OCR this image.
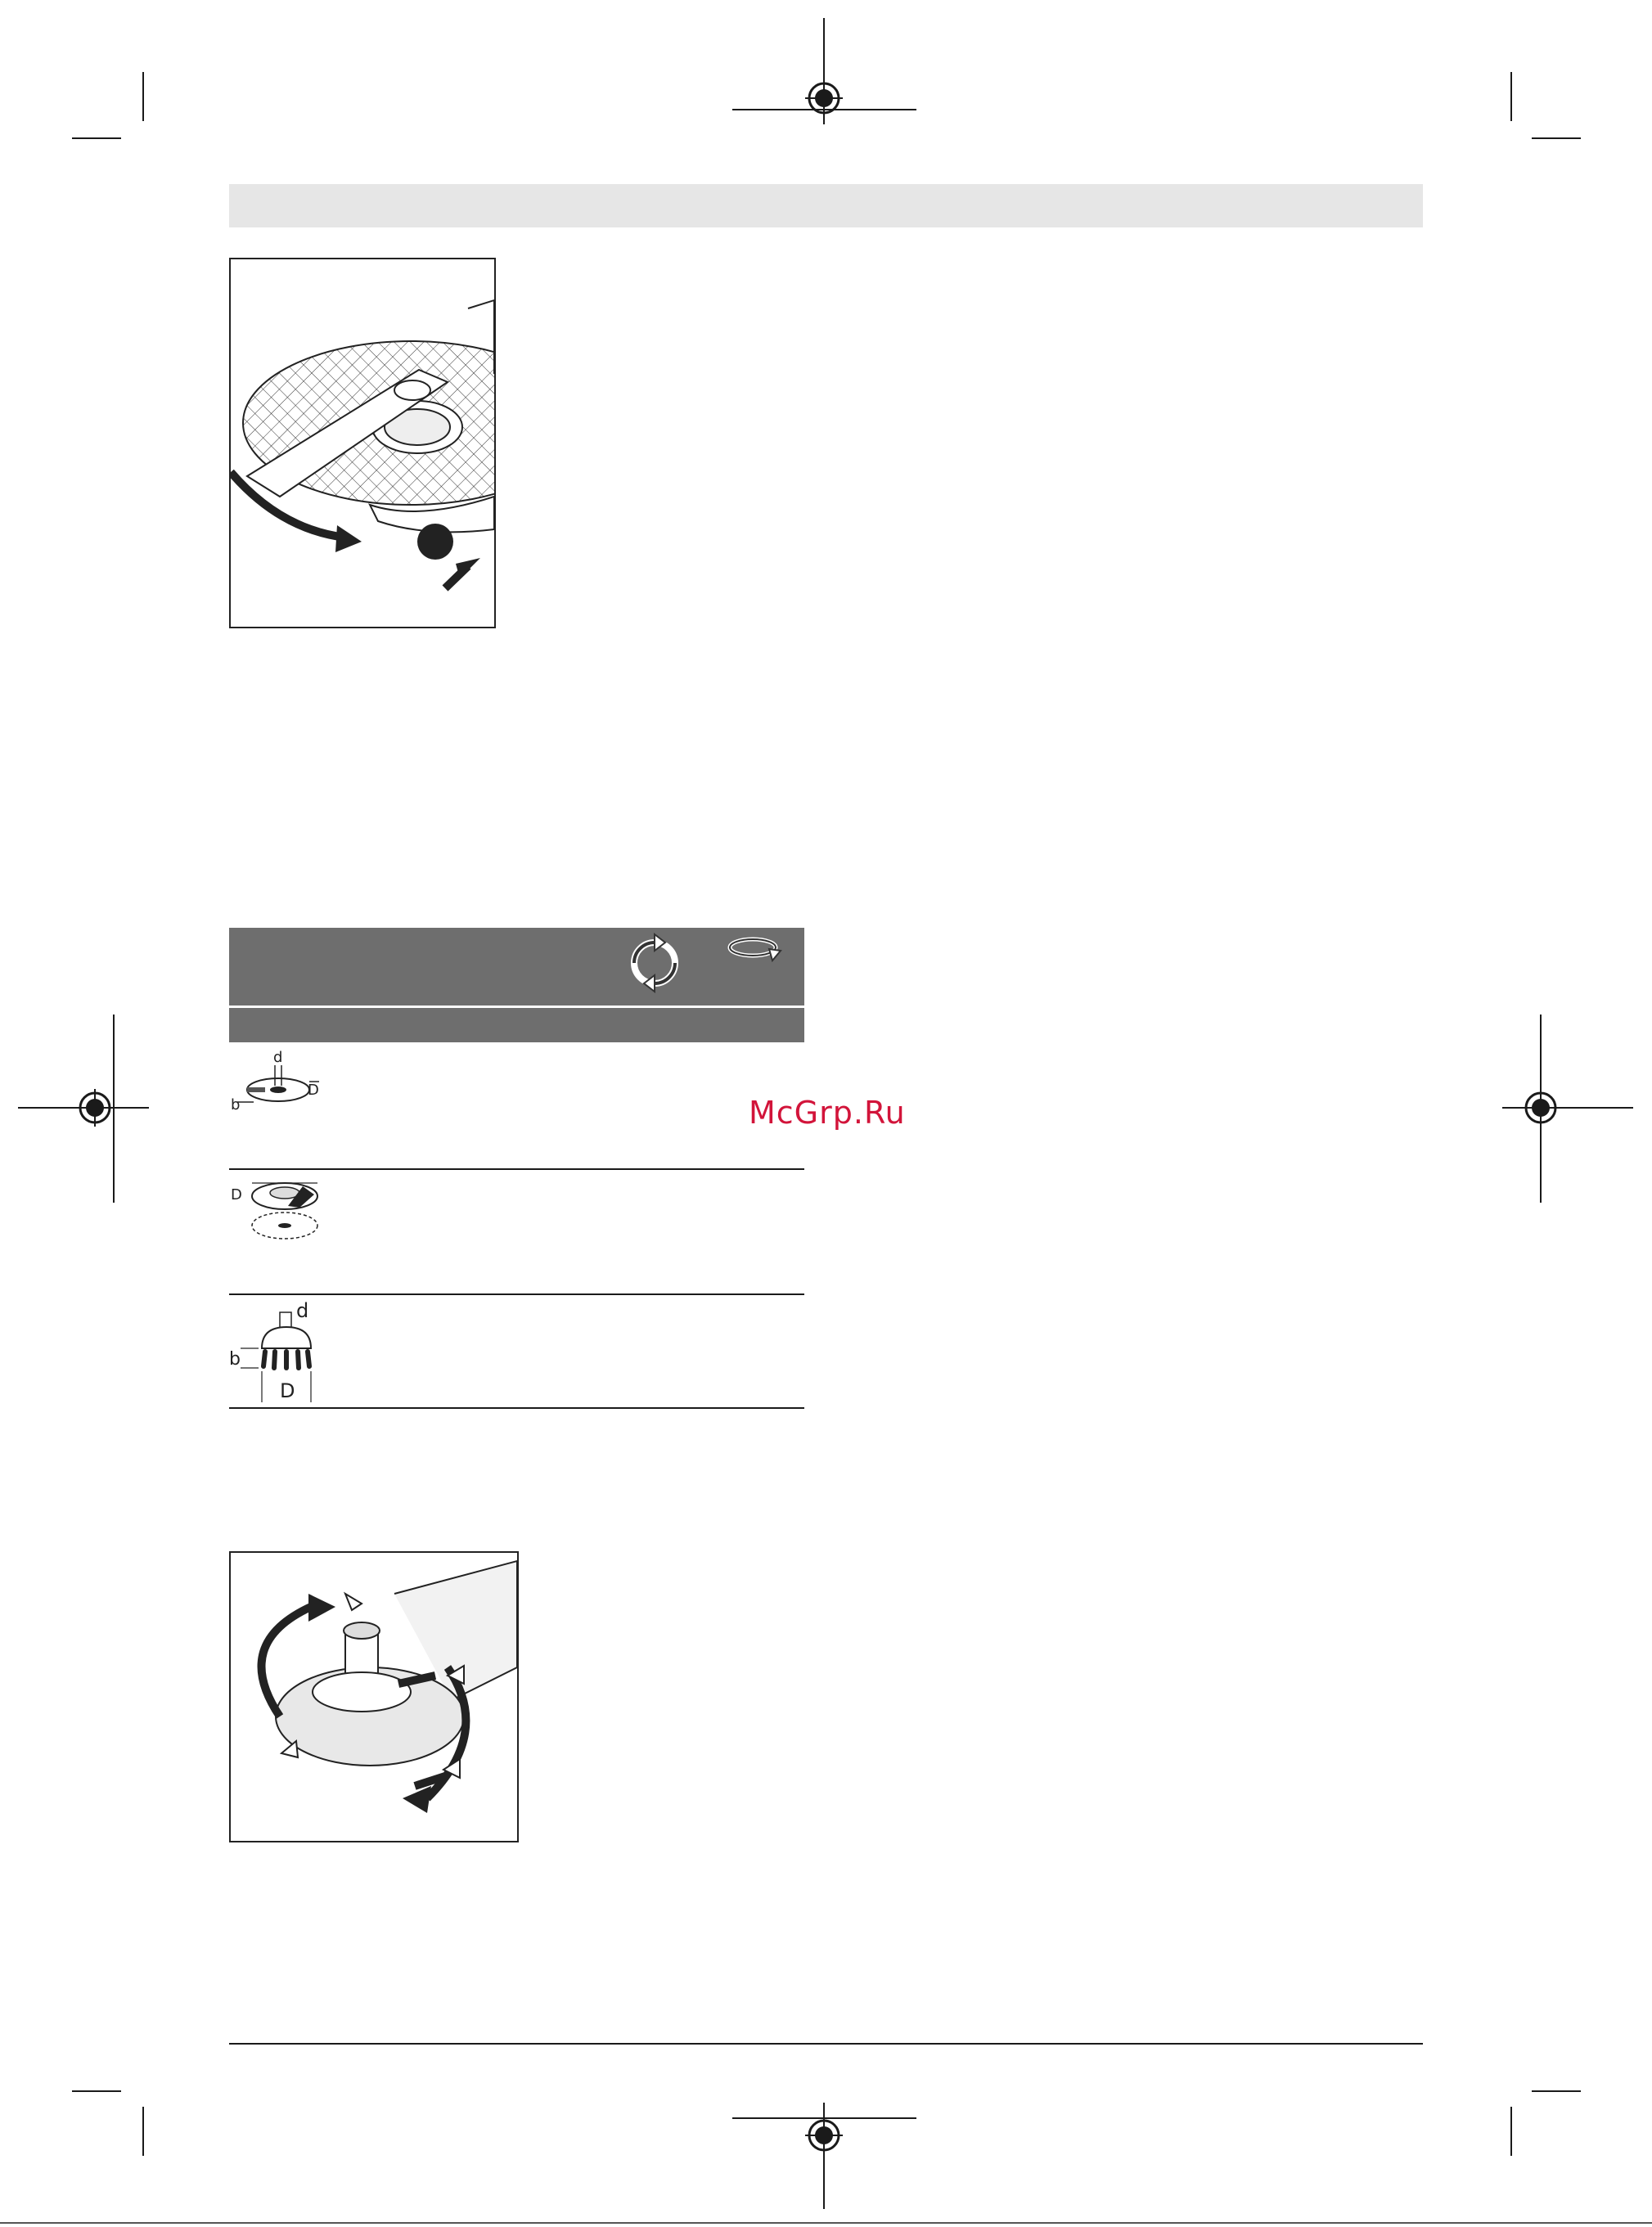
d
D
b
D
d
b
D
McGrp.Ru
